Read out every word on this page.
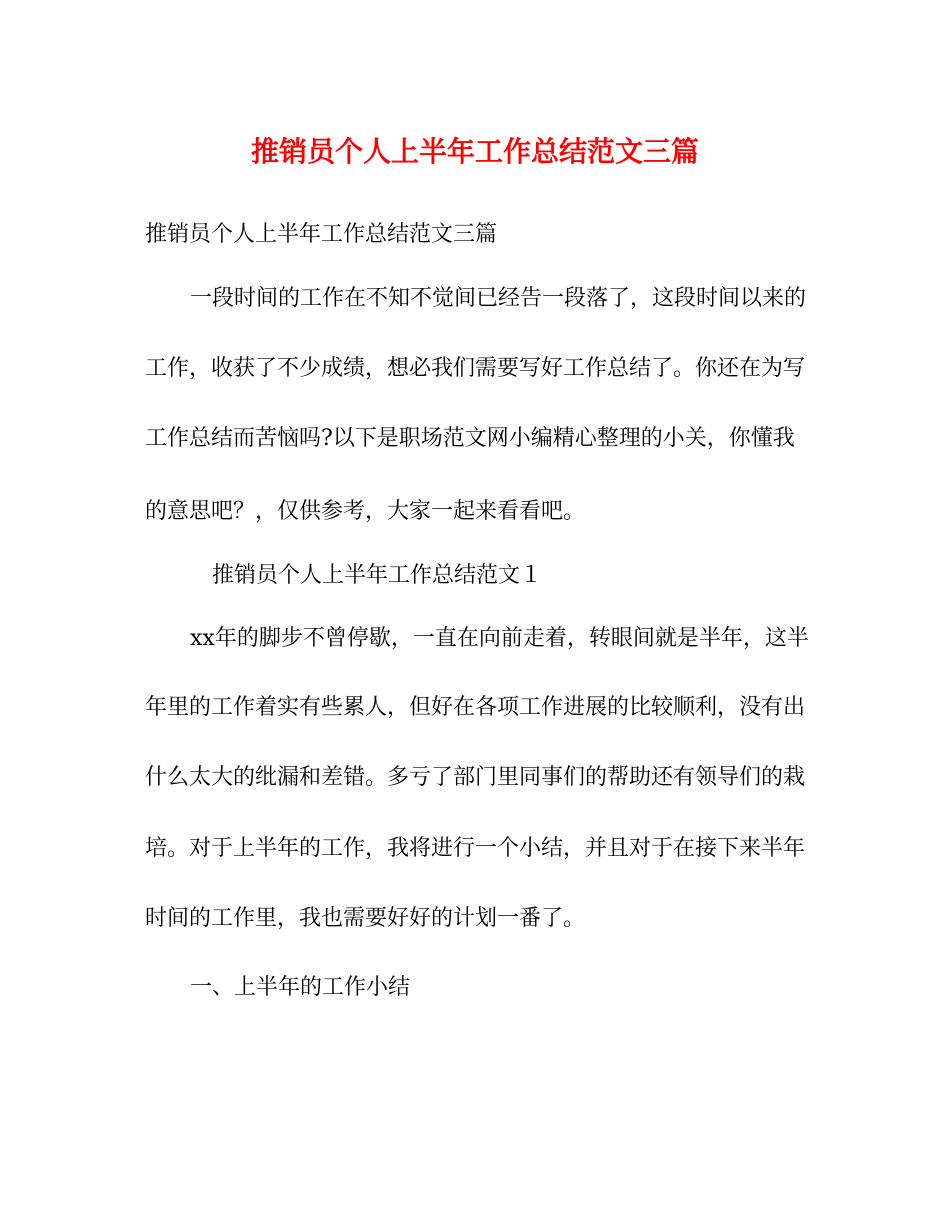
推销员个人上半年工作总结范文三篇
推销员个人上半年工作总结范文三篇
一段时间的工作在不知不觉间已经告一段落了，这段时间以来的
工作，收获了不少成绩，想必我们需要写好工作总结了。你还在为写
工作总结而苦恼吗?以下是职场范文网小编精心整理的小关，你懂我
的意思吧？，仅供参考，大家一起来看看吧。
推销员个人上半年工作总结范文１
xx年的脚步不曾停歇，一直在向前走着，转眼间就是半年，这半
年里的工作着实有些累人，但好在各项工作进展的比较顺利，没有出
什么太大的纰漏和差错。多亏了部门里同事们的帮助还有领导们的栽
培。对于上半年的工作，我将进行一个小结，并且对于在接下来半年
时间的工作里，我也需要好好的计划一番了。
一、上半年的工作小结
